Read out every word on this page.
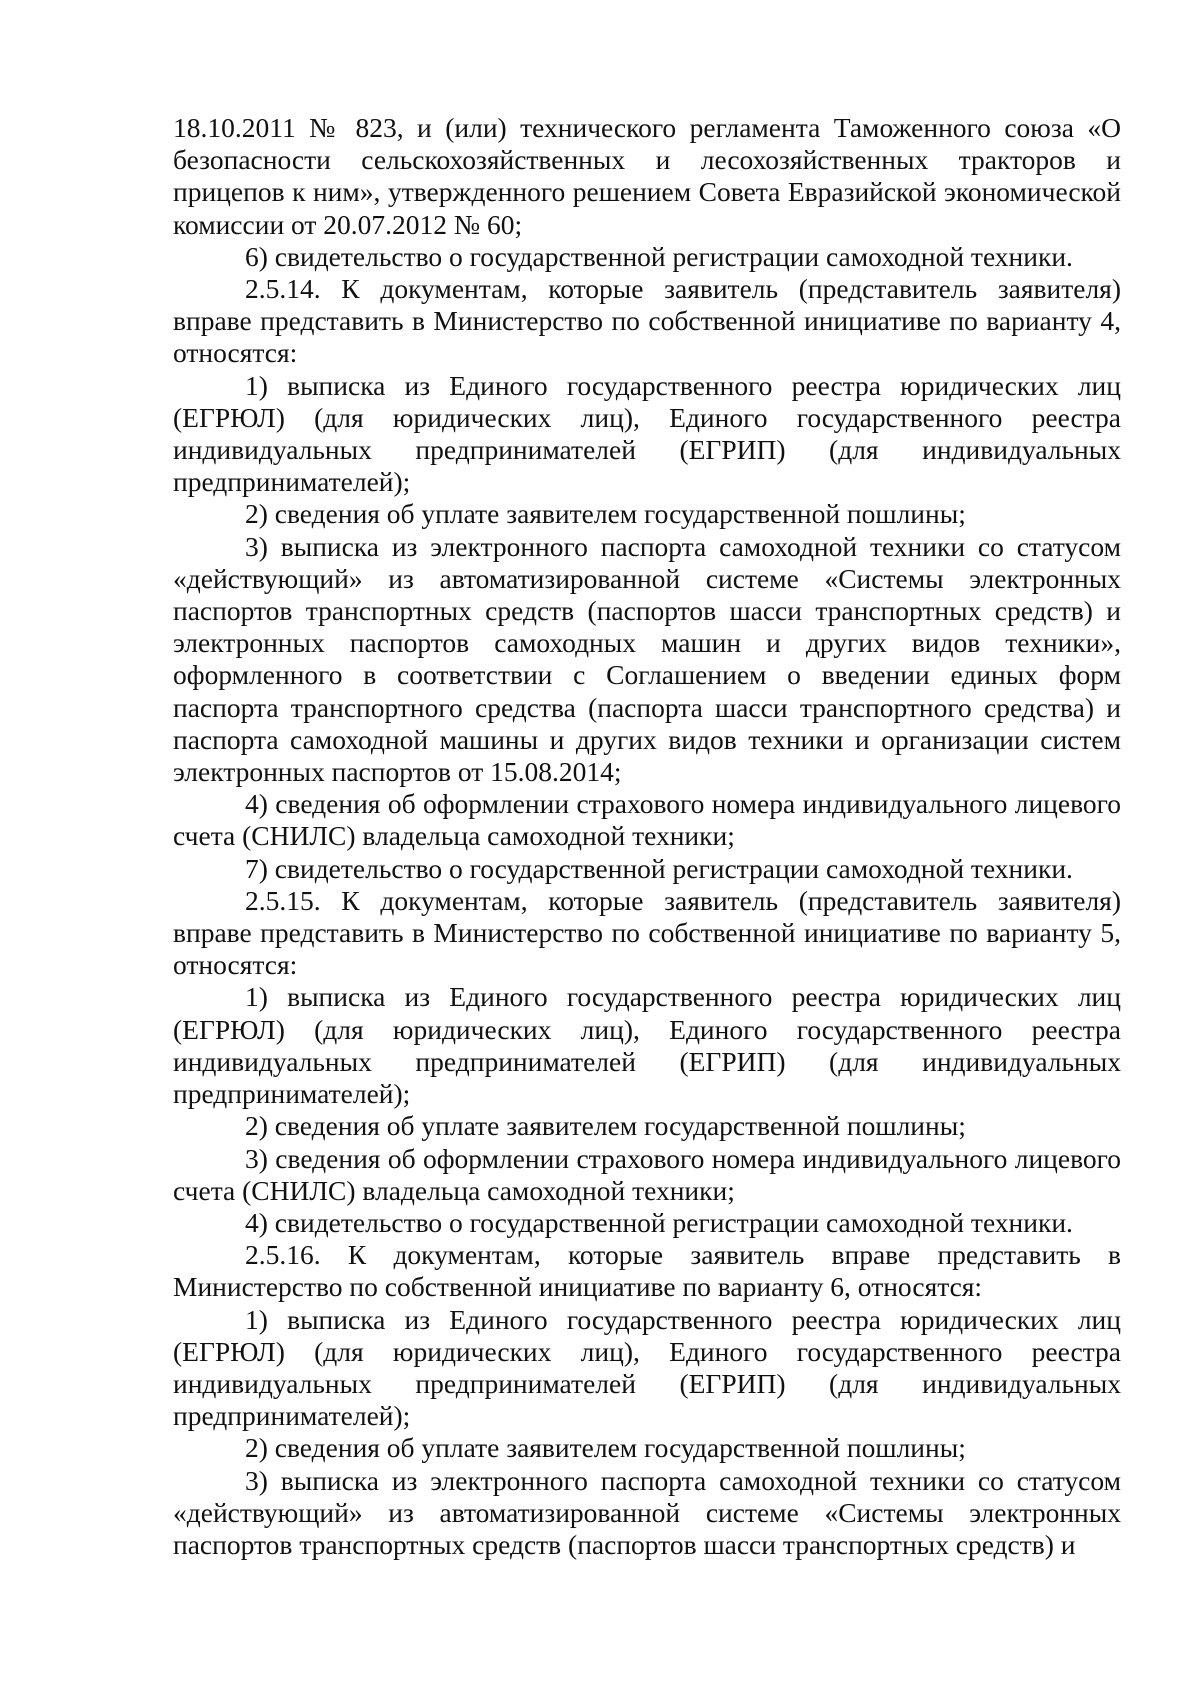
18.10.2011 № 823, и (или) технического регламента Таможенного союза «О безопасности сельскохозяйственных и лесохозяйственных тракторов и прицепов к ним», утвержденного решением Совета Евразийской экономической комиссии от 20.07.2012 № 60;

6) свидетельство о государственной регистрации самоходной техники.

2.5.14. К документам, которые заявитель (представитель заявителя) вправе представить в Министерство по собственной инициативе по варианту 4, относятся:

1) выписка из Единого государственного реестра юридических лиц (ЕГРЮЛ) (для юридических лиц), Единого государственного реестра индивидуальных предпринимателей (ЕГРИП) (для индивидуальных предпринимателей);

2) сведения об уплате заявителем государственной пошлины;

3) выписка из электронного паспорта самоходной техники со статусом «действующий» из автоматизированной системе «Системы электронных паспортов транспортных средств (паспортов шасси транспортных средств) и электронных паспортов самоходных машин и других видов техники», оформленного в соответствии с Соглашением о введении единых форм паспорта транспортного средства (паспорта шасси транспортного средства) и паспорта самоходной машины и других видов техники и организации систем электронных паспортов от 15.08.2014;

4) сведения об оформлении страхового номера индивидуального лицевого счета (СНИЛС) владельца самоходной техники;

7) свидетельство о государственной регистрации самоходной техники.

2.5.15. К документам, которые заявитель (представитель заявителя) вправе представить в Министерство по собственной инициативе по варианту 5, относятся:

1) выписка из Единого государственного реестра юридических лиц (ЕГРЮЛ) (для юридических лиц), Единого государственного реестра индивидуальных предпринимателей (ЕГРИП) (для индивидуальных предпринимателей);

2) сведения об уплате заявителем государственной пошлины;

3) сведения об оформлении страхового номера индивидуального лицевого счета (СНИЛС) владельца самоходной техники;

4) свидетельство о государственной регистрации самоходной техники.

2.5.16. К документам, которые заявитель вправе представить в Министерство по собственной инициативе по варианту 6, относятся:

1) выписка из Единого государственного реестра юридических лиц (ЕГРЮЛ) (для юридических лиц), Единого государственного реестра индивидуальных предпринимателей (ЕГРИП) (для индивидуальных предпринимателей);

2) сведения об уплате заявителем государственной пошлины;

3) выписка из электронного паспорта самоходной техники со статусом «действующий» из автоматизированной системе «Системы электронных паспортов транспортных средств (паспортов шасси транспортных средств) и
